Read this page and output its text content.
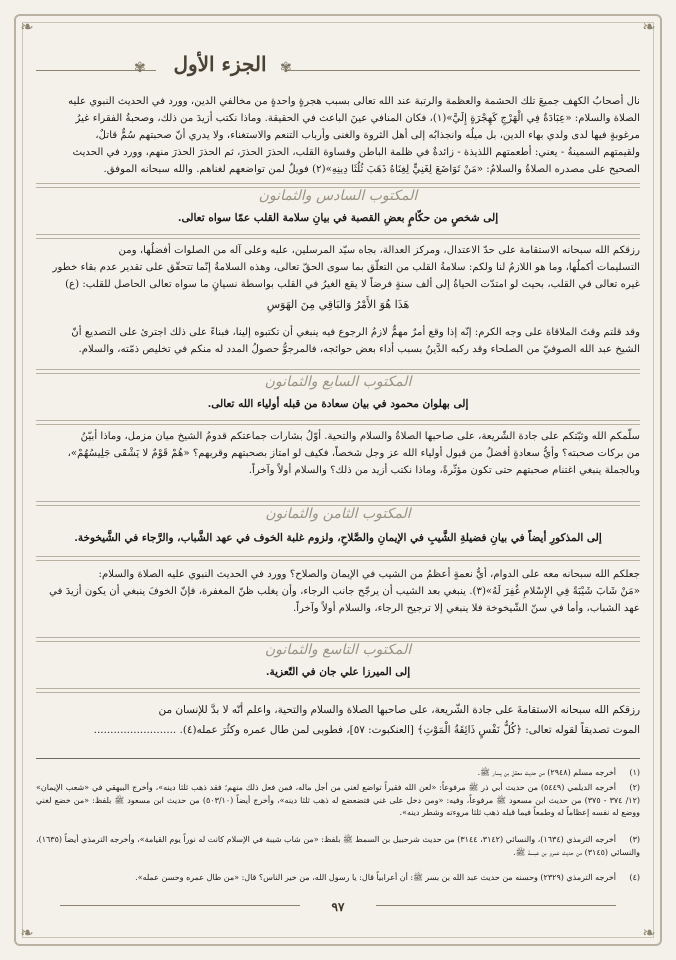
❧	❧
❧	❧
✾	✾
الجزء الأول

نال أصحابُ الكهف جميعَ تلك الحشمة والعظمة والرتبة عند الله تعالى بسبب هجرةٍ واحدةٍ من مخالفي الدين، وورد في الحديث النبوي عليه

الصلاة والسلام: «عِبَادَةٌ فِي الْهَرْجِ كَهِجْرَةٍ إِلَيَّ»(١)، فكان المنافي عينَ الباعث في الحقيقة. وماذا نكتب أزيدَ من ذلك، وصحبةُ الفقراء غيرُ

مرغوبةٍ فيها لدى ولدي بهاء الدين، بل ميلُه وانجذابُه إلى أهل الثروة والغنى وأرباب التنعم والاستغناء، ولا يدري أنّ صحبتهم سُمٌّ قاتلٌ،

ولقيمتهم السمينةُ - يعني: أطعمتهم اللذيذة - زائدةٌ في ظلمة الباطن وقساوة القلب، الحذرَ الحذرَ، ثم الحذرَ الحذرَ منهم، وورد في الحديث

الصحيح على مصدره الصلاةُ والسلامُ: «مَنْ تَوَاضَعَ لِغَنِيٍّ لِغِنَاهُ ذَهَبَ ثُلُثَا دِينِهِ»(٢) فويلٌ لمن تواضعهم لغناهم. والله سبحانه الموفق.

المكتوب السادس والثمانون
إلى شخصٍ من حكّامٍ بعضِ القصبة في بيانِ سلامة القلب عمّا سواه تعالى.

رزقكم الله سبحانه الاستقامة على حدّ الاعتدال، ومركز العدالة، بجاه سيّد المرسلين، عليه وعلى آله من الصلوات أفضلُها، ومن

التسليمات أكملُها، وما هو اللازمُ لنا ولكم: سلامةُ القلب من التعلّق بما سوى الحقّ تعالى، وهذه السلامةُ إنّما تتحقّق على تقدير عدم بقاء خطور

غيره تعالى في القلب، بحيث لو امتدّت الحياةُ إلى ألف سنةٍ فرضاً لا يقع الغيرُ في القلب بواسطة نسيانٍ ما سواه تعالى الحاصل للقلب: (ع)

هَذَا هُوَ الأَمْرُ وَالبَاقِي مِنَ الهَوَسِ

وقد قلتم وقتَ الملاقاة على وجه الكرم: إنّه إذا وقع أمرٌ مهمٌّ لازمُ الرجوع فيه ينبغي أن تكتبوه إلينا، فبناءً على ذلك اجترئ على التصديع أنّ

الشيخ عبد الله الصوفيّ من الصلحاء وقد ركبه الدَّينُ بسبب أداء بعض حوائجه، فالمرجوُّ حصولُ المدد له منكم في تخليص ذمّته، والسلام.

المكتوب السابع والثمانون
إلى بهلوان محمود في بيان سعادة من قبله أولياء الله تعالى.

سلّمكم الله وثبّتكم على جادة الشّريعة، على صاحبها الصلاةُ والسلام والتحية. أوّلُ بشارات جماعتكم قدومُ الشيخ ميان مزمل، وماذا أبيّنُ

من بركات صحبته؟ وأيُّ سعادةٍ أفضلُ من قبول أولياء الله عز وجل شخصاً، فكيف لو امتاز بصحبتهم وقربهم؟ «هُمْ قَوْمٌ لا يَشْقَى جَلِيسُهُمْ»،

وبالجملة ينبغي اغتنام صحبتهم حتى تكون مؤثّرةً، وماذا نكتب أزيد من ذلك؟ والسلام أولاً وآخراً.

المكتوب الثامن والثمانون
إلى المذكورِ أيضاً في بيانِ فضيلةِ الشَّيبِ في الإيمانِ والصَّلاحِ، ولزوم غلبة الخوف في عهد الشَّباب، والرَّجاء في الشَّيخوخة.

جعلكم الله سبحانه معه على الدوام، أيُّ نعمةٍ أعظمُ من الشيب في الإيمان والصلاح؟ وورد في الحديث النبوي عليه الصلاة والسلام:

«مَنْ شَابَ شَيْبَةً فِي الإِسْلامِ غُفِرَ لَهُ»(٣). ينبغي بعد الشيب أن يرجّح جانب الرجاء، وأن يغلب ظنّ المغفرة، فإنّ الخوفَ ينبغي أن يكون أزيدَ في

عهد الشباب، وأما في سنّ الشّيخوخة فلا ينبغي إلا ترجيح الرجاء، والسلام أولاً وآخراً.

المكتوب التاسع والثمانون
إلى الميرزا علي جان في التّعزية.

رزقكم الله سبحانه الاستقامةَ على جادة الشّريعة، على صاحبها الصلاة والسلام والتحية، واعلم أنّه لا بدَّ للإنسان من

الموت تصديقاً لقوله تعالى: ﴿كُلُّ نَفْسٍ ذَائِقَةُ الْمَوْتِ﴾ [العنكبوت: ٥٧]، فطوبى لمن طال عمره وكثُرَ عمله(٤). .........................

(١)أخرجه مسلم (٢٩٤٨) من حديث معقل بن يسار ﷺ.
(٢)أخرجه الديلمي (٥٤٤٩) من حديث أبي ذر ﷺ مرفوعاً: «لعن الله فقيراً تواضع لغني من أجل ماله، فمن فعل ذلك منهم؛ فقد ذهب ثلثا دينه»، وأخرج البيهقي في «شعب الإيمان» (١٢/ ٣٧٤ - ٣٧٥) من حديث ابن مسعود ﷺ مرفوعاً، وفيه: «ومن دخل على غني فتضعضع له ذهب ثلثا دينه»، وأخرج أيضاً (٥٠٣/١٠) من حديث ابن مسعود ﷺ بلفظ: «من خضع لغني ووضع له نفسه إعظاماً له وطمعاً فيما قبله ذهب ثلثا مروءته وشطر دينه».
(٣)أخرجه الترمذي (١٦٣٤)، والنسائي (٣١٤٢، ٣١٤٤) من حديث شرحبيل بن السمط ﷺ بلفظ: «من شاب شيبة في الإسلام كانت له نوراً يوم القيامة»، وأخرجه الترمذي أيضاً (١٦٣٥)، والنسائي (٣١٤٥) من حديث عمرو بن عبسة ﷺ.
(٤)أخرجه الترمذي (٢٣٢٩) وحسنه من حديث عبد الله بن بسر ﷺ: أن أعرابياً قال: يا رسول الله، من خير الناس؟ قال: «من طال عمره وحسن عمله».
٩٧
